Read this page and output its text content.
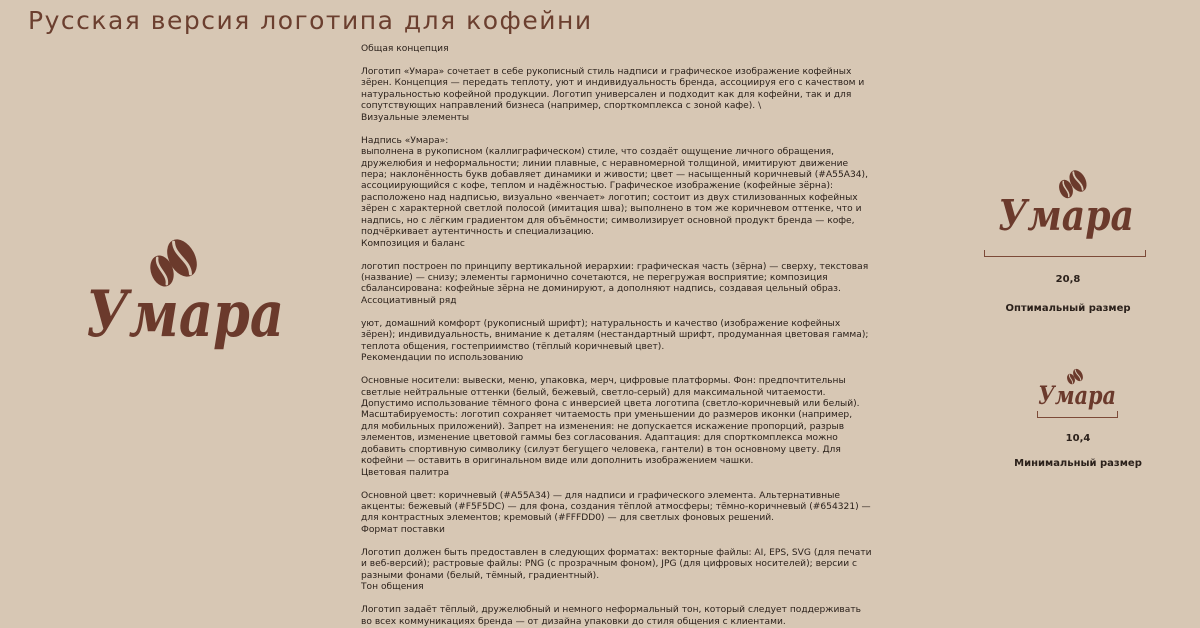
Русская версия логотипа для кофейни

Общая концепция

Логотип «Умара» сочетает в себе рукописный стиль надписи и графическое изображение кофейных
зёрен. Концепция — передать теплоту, уют и индивидуальность бренда, ассоциируя его с качеством и
натуральностью кофейной продукции. Логотип универсален и подходит как для кофейни, так и для
сопутствующих направлений бизнеса (например, спорткомплекса с зоной кафе). \
Визуальные элементы

Надпись «Умара»:
выполнена в рукописном (каллиграфическом) стиле, что создаёт ощущение личного обращения,
дружелюбия и неформальности; линии плавные, с неравномерной толщиной, имитируют движение
пера; наклонённость букв добавляет динамики и живости; цвет — насыщенный коричневый (#A55A34),
ассоциирующийся с кофе, теплом и надёжностью. Графическое изображение (кофейные зёрна):
расположено над надписью, визуально «венчает» логотип; состоит из двух стилизованных кофейных
зёрен с характерной светлой полосой (имитация шва); выполнено в том же коричневом оттенке, что и
надпись, но с лёгким градиентом для объёмности; символизирует основной продукт бренда — кофе,
подчёркивает аутентичность и специализацию.
Композиция и баланс

логотип построен по принципу вертикальной иерархии: графическая часть (зёрна) — сверху, текстовая
(название) — снизу; элементы гармонично сочетаются, не перегружая восприятие; композиция
сбалансирована: кофейные зёрна не доминируют, а дополняют надпись, создавая цельный образ.
Ассоциативный ряд

уют, домашний комфорт (рукописный шрифт); натуральность и качество (изображение кофейных
зёрен); индивидуальность, внимание к деталям (нестандартный шрифт, продуманная цветовая гамма);
теплота общения, гостеприимство (тёплый коричневый цвет).
Рекомендации по использованию

Основные носители: вывески, меню, упаковка, мерч, цифровые платформы. Фон: предпочтительны
светлые нейтральные оттенки (белый, бежевый, светло-серый) для максимальной читаемости.
Допустимо использование тёмного фона с инверсией цвета логотипа (светло-коричневый или белый).
Масштабируемость: логотип сохраняет читаемость при уменьшении до размеров иконки (например,
для мобильных приложений). Запрет на изменения: не допускается искажение пропорций, разрыв
элементов, изменение цветовой гаммы без согласования. Адаптация: для спорткомплекса можно
добавить спортивную символику (силуэт бегущего человека, гантели) в тон основному цвету. Для
кофейни — оставить в оригинальном виде или дополнить изображением чашки.
Цветовая палитра

Основной цвет: коричневый (#A55A34) — для надписи и графического элемента. Альтернативные
акценты: бежевый (#F5F5DC) — для фона, создания тёплой атмосферы; тёмно-коричневый (#654321) —
для контрастных элементов; кремовый (#FFFDD0) — для светлых фоновых решений.
Формат поставки

Логотип должен быть предоставлен в следующих форматах: векторные файлы: AI, EPS, SVG (для печати
и веб-версий); растровые файлы: PNG (с прозрачным фоном), JPG (для цифровых носителей); версии с
разными фонами (белый, тёмный, градиентный).
Тон общения

Логотип задаёт тёплый, дружелюбный и немного неформальный тон, который следует поддерживать
во всех коммуникациях бренда — от дизайна упаковки до стиля общения с клиентами.

Умара
Умара
20,8
Оптимальный размер
Умара
10,4
Минимальный размер
